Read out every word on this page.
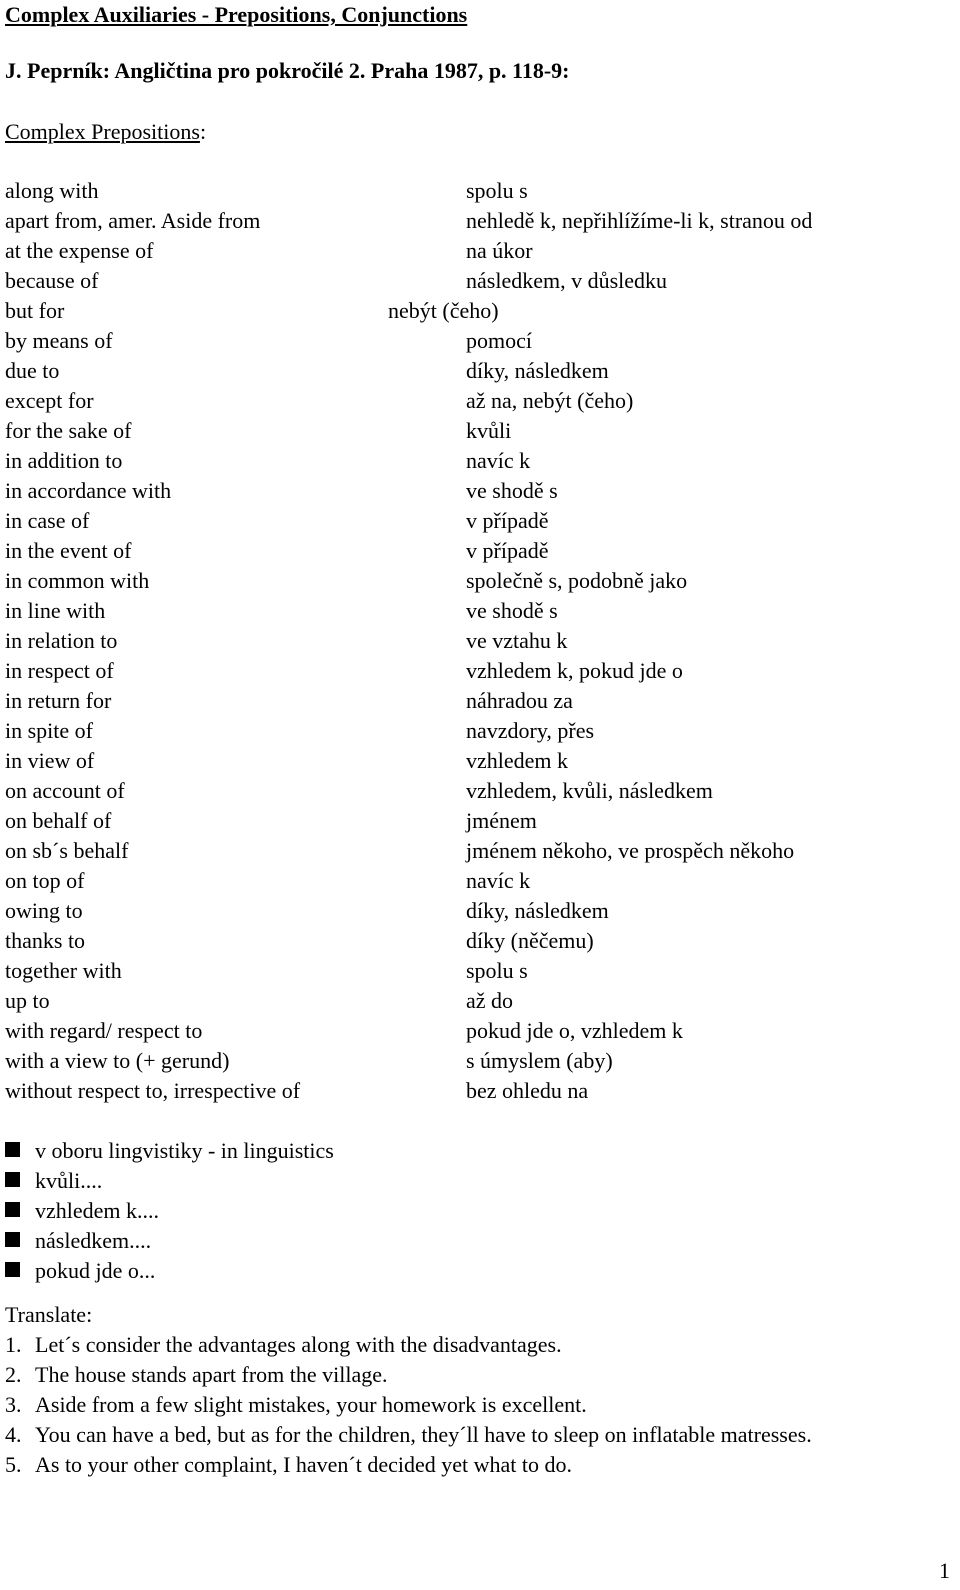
Complex Auxiliaries - Prepositions, Conjunctions
J. Peprník: Angličtina pro pokročilé 2. Praha 1987, p. 118-9:
Complex Prepositions:
along with	spolu s
apart from, amer. Aside from	nehledě k, nepřihlížíme-li k, stranou od
at the expense of	na úkor
because of	následkem, v důsledku
but for	nebýt (čeho)
by means of	pomocí
due to	díky, následkem
except for	až na, nebýt (čeho)
for the sake of	kvůli
in addition to	navíc k
in accordance with	ve shodě s
in case of	v případě
in the event of	v případě
in common with	společně s, podobně jako
in line with	ve shodě s
in relation to	ve vztahu k
in respect of	vzhledem k, pokud jde o
in return for	náhradou za
in spite of	navzdory, přes
in view of	vzhledem k
on account of	vzhledem, kvůli, následkem
on behalf of	jménem
on sb´s behalf	jménem někoho, ve prospěch někoho
on top of	navíc k
owing to	díky, následkem
thanks to	díky (něčemu)
together with	spolu s
up to	až do
with regard/ respect to	pokud jde o, vzhledem k
with a view to (+ gerund)	s úmyslem (aby)
without respect to, irrespective of	bez ohledu na
v oboru lingvistiky - in linguistics
kvůli....
vzhledem k....
následkem....
pokud jde o...
Translate:
1. Let´s consider the advantages along with the disadvantages.
2. The house stands apart from the village.
3. Aside from a few slight mistakes, your homework is excellent.
4. You can have a bed, but as for the children, they´ll have to sleep on inflatable matresses.
5. As to your other complaint, I haven´t decided yet what to do.
1
